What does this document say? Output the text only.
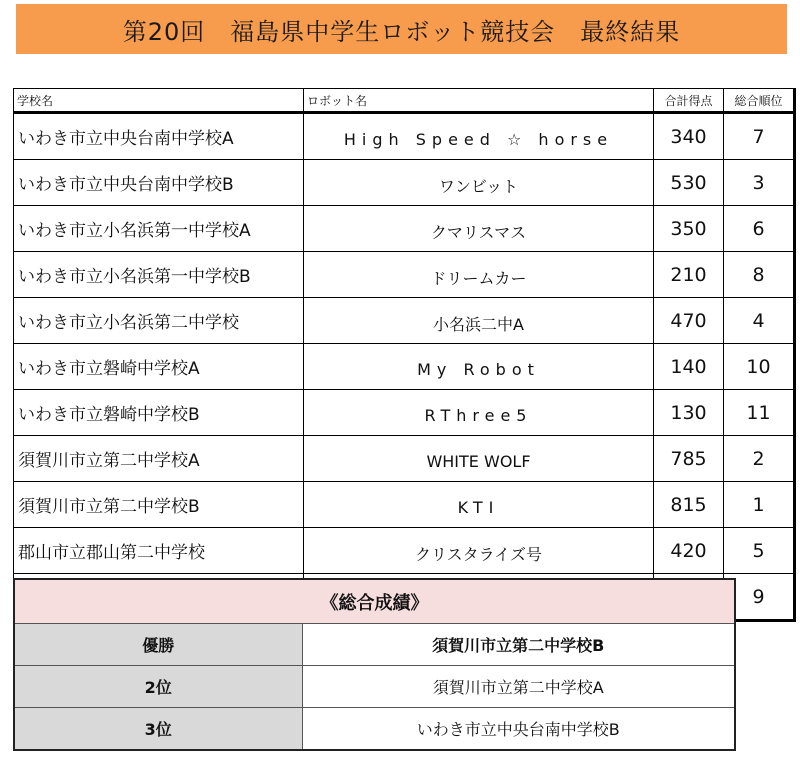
第20回　福島県中学生ロボット競技会　最終結果
学校名	ロボット名	合計得点	総合順位
いわき市立中央台南中学校A	High Speed ☆ horse	340	7
いわき市立中央台南中学校B	ワンビット	530	3
いわき市立小名浜第一中学校A	クマリスマス	350	6
いわき市立小名浜第一中学校B	ドリームカー	210	8
いわき市立小名浜第二中学校	小名浜二中A	470	4
いわき市立磐崎中学校A	My Robot	140	10
いわき市立磐崎中学校B	RThree5	130	11
須賀川市立第二中学校A	WHITE WOLF	785	2
須賀川市立第二中学校B	KTI	815	1
郡山市立郡山第二中学校	クリスタライズ号	420	5
			9
《総合成績》	
優勝	須賀川市立第二中学校B
2位	須賀川市立第二中学校A
3位	いわき市立中央台南中学校B
